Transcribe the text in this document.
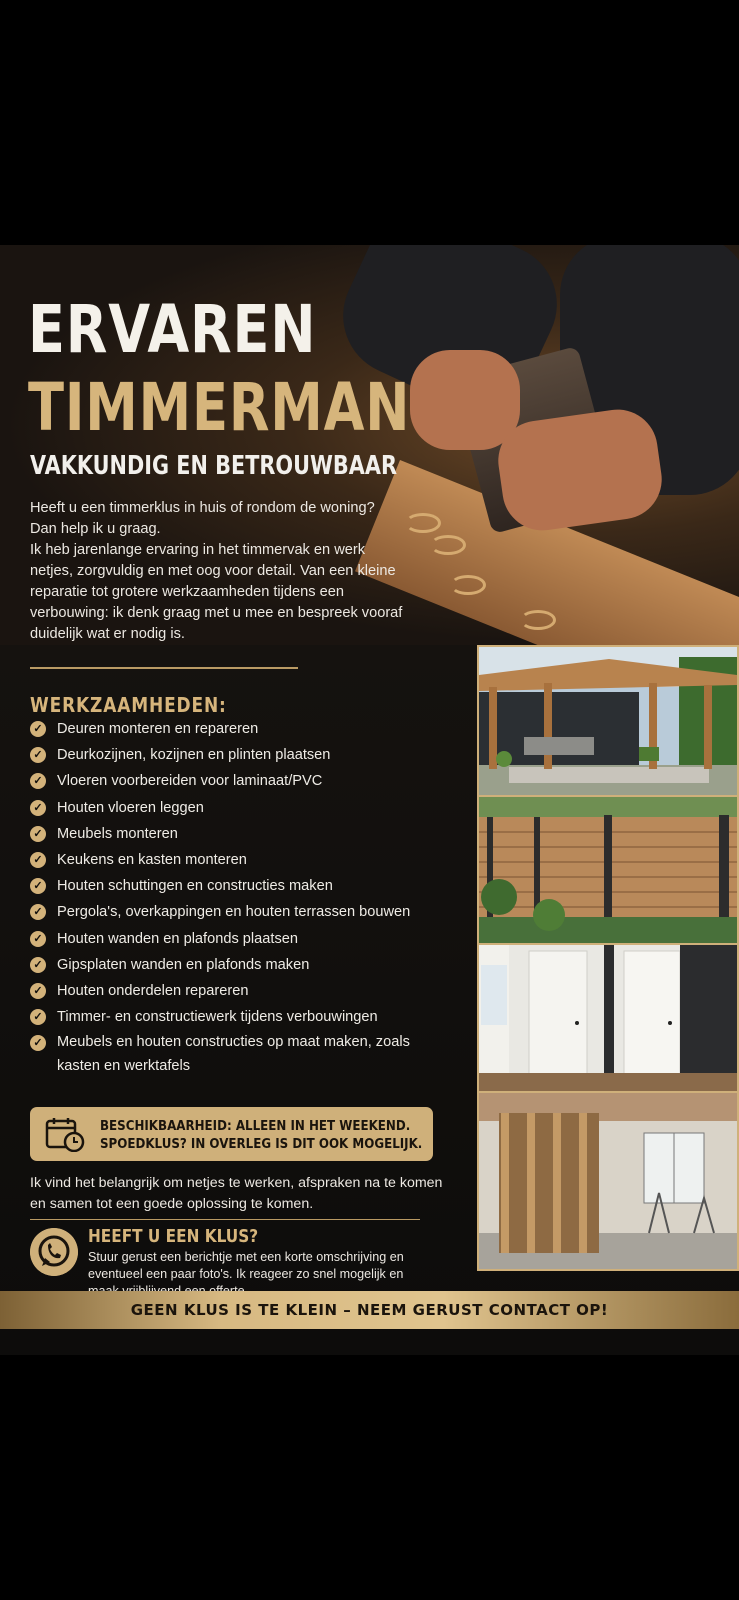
ERVAREN
TIMMERMAN
VAKKUNDIG EN BETROUWBAAR

Heeft u een timmerklus in huis of rondom de woning?

Dan help ik u graag.

Ik heb jarenlange ervaring in het timmervak en werk netjes, zorgvuldig en met oog voor detail. Van een kleine reparatie tot grotere werkzaamheden tijdens een verbouwing: ik denk graag met u mee en bespreek vooraf duidelijk wat er nodig is.

WERKZAAMHEDEN:
✓ Deuren monteren en repareren
✓ Deurkozijnen, kozijnen en plinten plaatsen
✓ Vloeren voorbereiden voor laminaat/PVC
✓ Houten vloeren leggen
✓ Meubels monteren
✓ Keukens en kasten monteren
✓ Houten schuttingen en constructies maken
✓ Pergola's, overkappingen en houten terrassen bouwen
✓ Houten wanden en plafonds plaatsen
✓ Gipsplaten wanden en plafonds maken
✓ Houten onderdelen repareren
✓ Timmer- en constructiewerk tijdens verbouwingen
✓ Meubels en houten constructies op maat maken, zoals kasten en werktafels
BESCHIKBAARHEID: ALLEEN IN HET WEEKEND.
SPOEDKLUS? IN OVERLEG IS DIT OOK MOGELIJK.
Ik vind het belangrijk om netjes te werken, afspraken na te komen en samen tot een goede oplossing te komen.
HEEFT U EEN KLUS?
Stuur gerust een berichtje met een korte omschrijving en eventueel een paar foto's. Ik reageer zo snel mogelijk en
GEEN KLUS IS TE KLEIN – NEEM GERUST CONTACT OP!
